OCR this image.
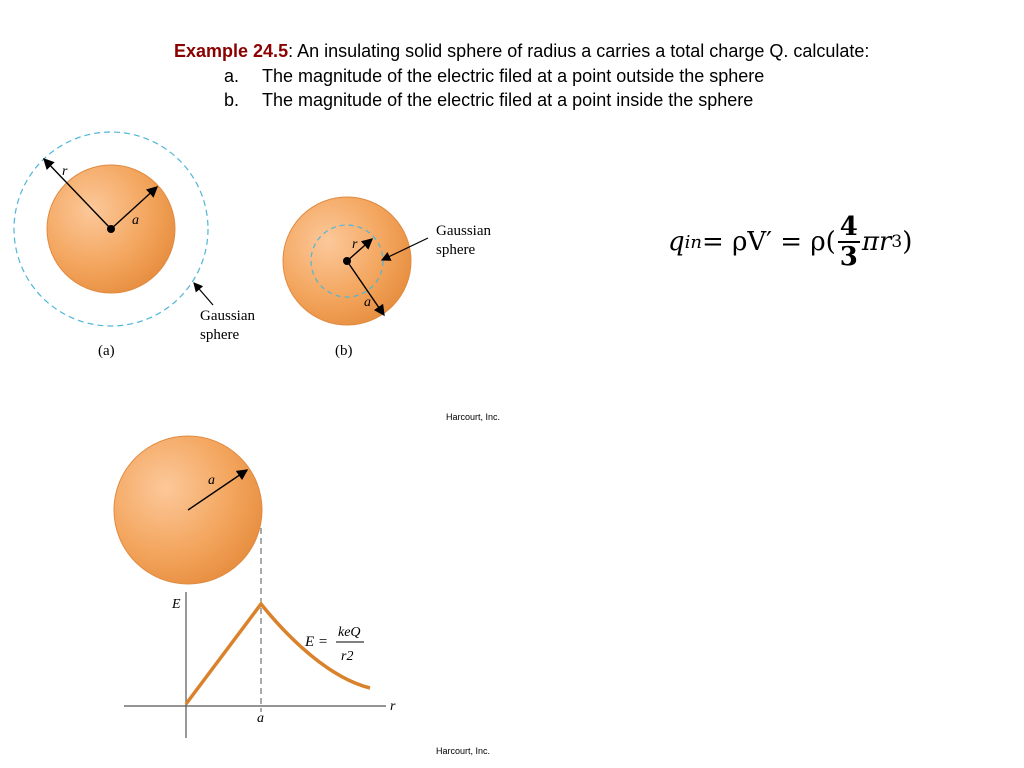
Example 24.5: An insulating solid sphere of radius a carries a total charge Q. calculate:
a. The magnitude of the electric filed at a point outside the sphere
b. The magnitude of the electric filed at a point inside the sphere
r
a
Gaussian
sphere
(a)
r
a
Gaussian
sphere
(b)
Harcourt, Inc.
q in = $\rho V' = \rho( \frac{4}{3}$ πr 3 )
a
E
r
a
E =
keQ
r2
Harcourt, Inc.
